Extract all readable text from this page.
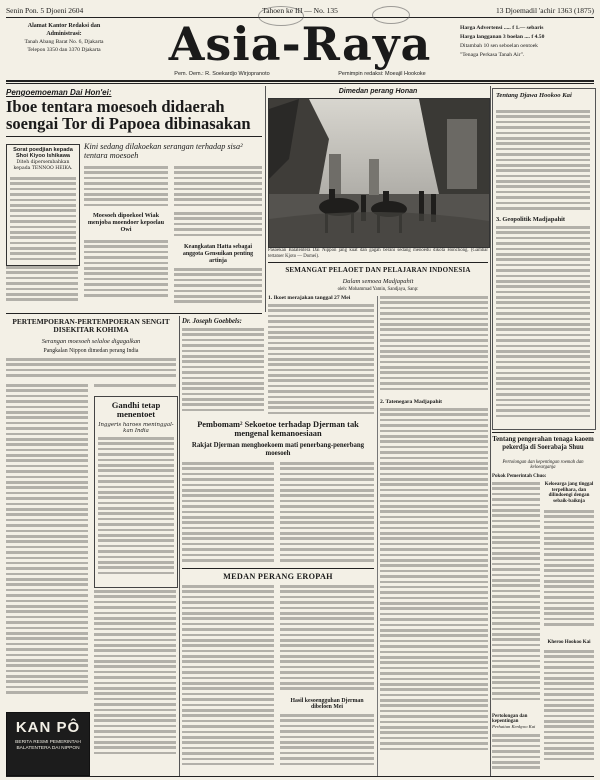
Senin Pon. 5 Djoeni 2604	Tahoen ke III — No. 135	13 Djoemadil 'achir 1363 (1875)
Alamat Kantor Redaksi dan
Administrasi:
Tanah Abang Barat No. 6, Djakarta
Telepon 3350 dan 3370 Djakarta	Asia-Raya	Harga Advertensi ..... f 1.— sebaris
Harga langganan 3 boelan .... f 4.50
Ditambah 10 sen seboelan oentoek
"Tenaga Perkasa Tanah Air".
Pem. Oem.: R. Soekardjo Wirjopranoto	Pemimpin redaksi: Moeajil Hookoke
Pengoemoeman Dai Hon'ei:
Iboe tentara moesoeh didaerah soengai Tor di Papoea dibinasakan
Sorat poedjian kepada Shoi Kiyoo Ishikawa
Diteh dipersembahkan kepada TENNOO HEIKA.
Kini sedang dilakoekan serangan terhadap sisa² tentara moesoeh
Moesoeh dipoekoel Wiak menjoba moendoer kepoelau Owi
Keangkatan Hatta sebagai anggota Gensuikan penting artinja
Dimedan perang Honan
Pasoekan Balatentera Dai Nippon jang kuat dan gagah berani sedang menoedu dikota Honchong. (Gambar tertatoer Kjoto — Domei).
SEMANGAT PELAOET DAN PELAJARAN INDONESIA
Dalam semoea Madjapahit
oleh: Mohammad Yamin, Sandjaya, Sanp:
1. Ikoet merajakan tanggal 27 Mei
2. Tatenegara Madjapahit
Tentang Djawa Hookoo Kai
3. Geopolitik Madjapahit
PERTEMPOERAN-PERTEMPOERAN SENGIT DISEKITAR KOHIMA
Serangan moesoeh selaloe digagalkan
Pangkalan Nippon dimedan perang India
KAN PÔ
BERITA RESMI PEMERINTAH BALATENTERA DAI NIPPON
Gandhi tetap menentoet
Inggeris haroes meninggal- kan India
Dr. Joseph Goebbels:
Pembomam² Sekoetoe terhadap Djerman tak mengenal kemanoesiaan
Rakjat Djerman menghoekoem mati penerbang-penerbang moesoeh
MEDAN PERANG EROPAH
Hasil kesoengguhan Djerman dibeloen Mei
Tentang pengerahan tenaga kaoem pekerdja di Soerabaja Shuu
Pertolongan dan kepentingan roemah dan keloearganja
Pokok Pemerintah Chuo:
Keloearga jang tinggal terpelihara, dan dilindoengi dengan sebaik-baiknja
Kheroo Hookoo Kai
Pertolongan dan kepentingan
Perhatian Kenkyoo Kai
